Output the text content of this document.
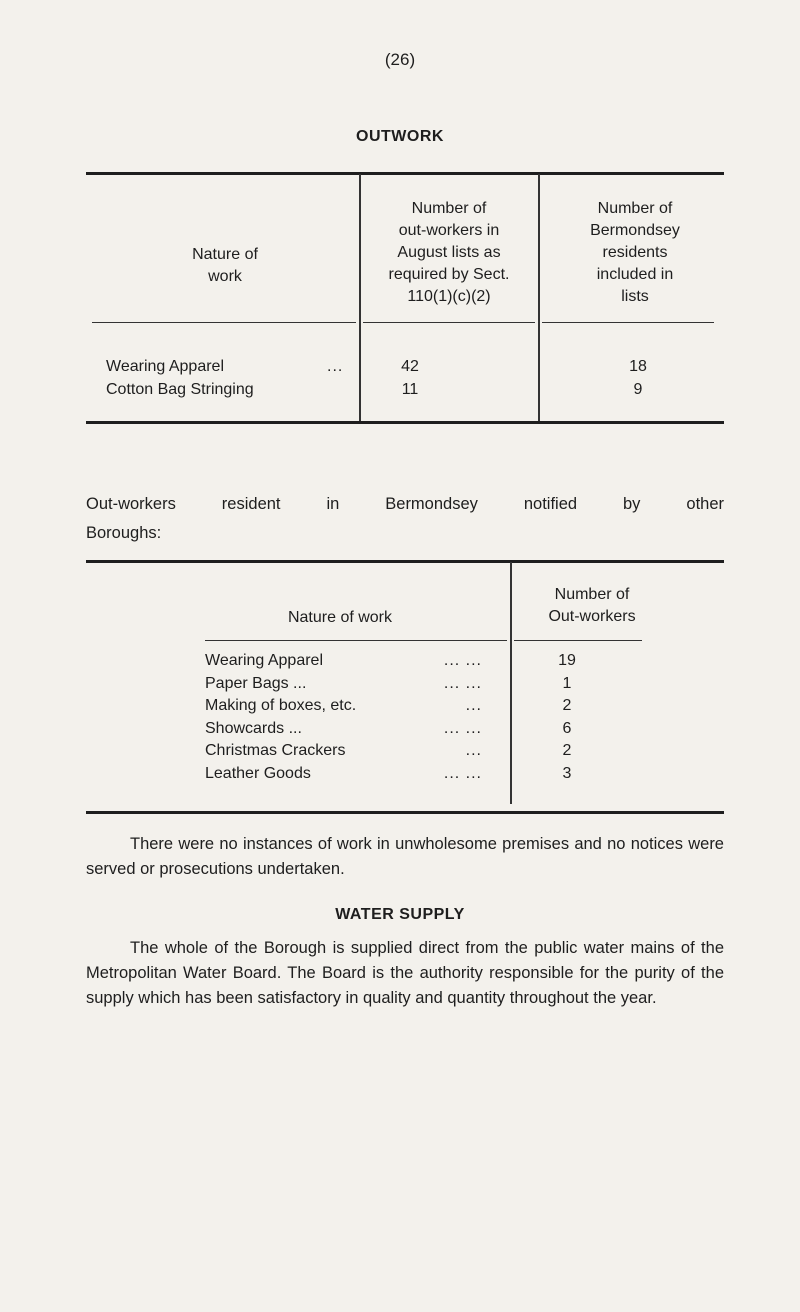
(26)
OUTWORK
Nature of
work
Number of
out-workers in
August lists as
required by Sect.
110(1)(c)(2)
Number of
Bermondsey
residents
included in
lists
Wearing Apparel	...	42	18
Cotton Bag Stringing	11	9
Out-workers resident in Bermondsey notified by other
Boroughs:
Nature of work
Number of
Out-workers
Wearing Apparel	... ...	19
Paper Bags ...	... ...	1
Making of boxes, etc.	...	2
Showcards ...	... ...	6
Christmas Crackers	...	2
Leather Goods	... ...	3
There were no instances of work in unwholesome premises and no notices were served or prosecutions undertaken.
WATER SUPPLY
The whole of the Borough is supplied direct from the public water mains of the Metropolitan Water Board. The Board is the authority responsible for the purity of the supply which has been satisfactory in quality and quantity throughout the year.
